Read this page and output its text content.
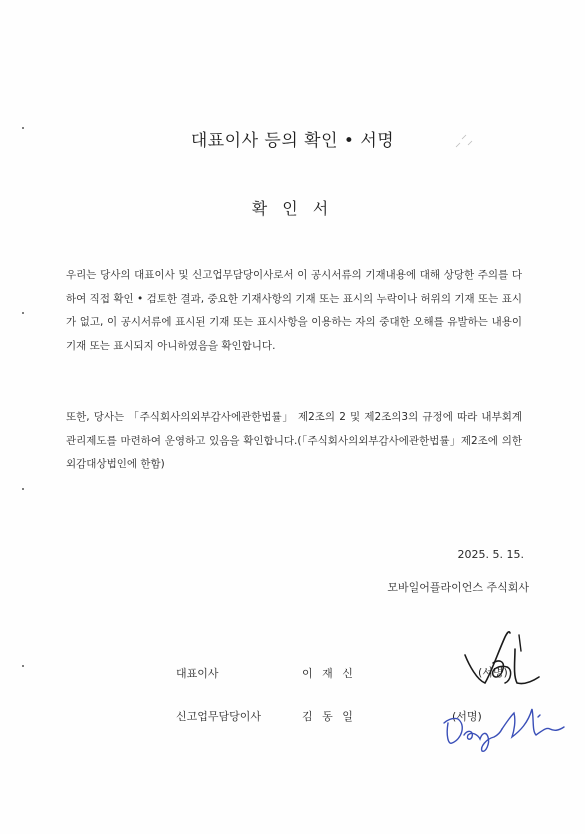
대표이사 등의 확인 • 서명
확 인 서

우리는 당사의 대표이사 및 신고업무담당이사로서 이 공시서류의 기재내용에 대해 상당한 주의를 다하여 직접 확인 • 검토한 결과, 중요한 기재사항의 기재 또는 표시의 누락이나 허위의 기재 또는 표시가 없고, 이 공시서류에 표시된 기재 또는 표시사항을 이용하는 자의 중대한 오해를 유발하는 내용이 기재 또는 표시되지 아니하였음을 확인합니다.

또한, 당사는 「주식회사의외부감사에관한법률」 제2조의 2 및 제2조의3의 규정에 따라 내부회계관리제도를 마련하여 운영하고 있음을 확인합니다.(「주식회사의외부감사에관한법률」제2조에 의한 외감대상법인에 한함)

2025. 5. 15.
모바일어플라이언스 주식회사
대표이사	이 재 신	(서명)
신고업무담당이사	김 동 일	(서명)
